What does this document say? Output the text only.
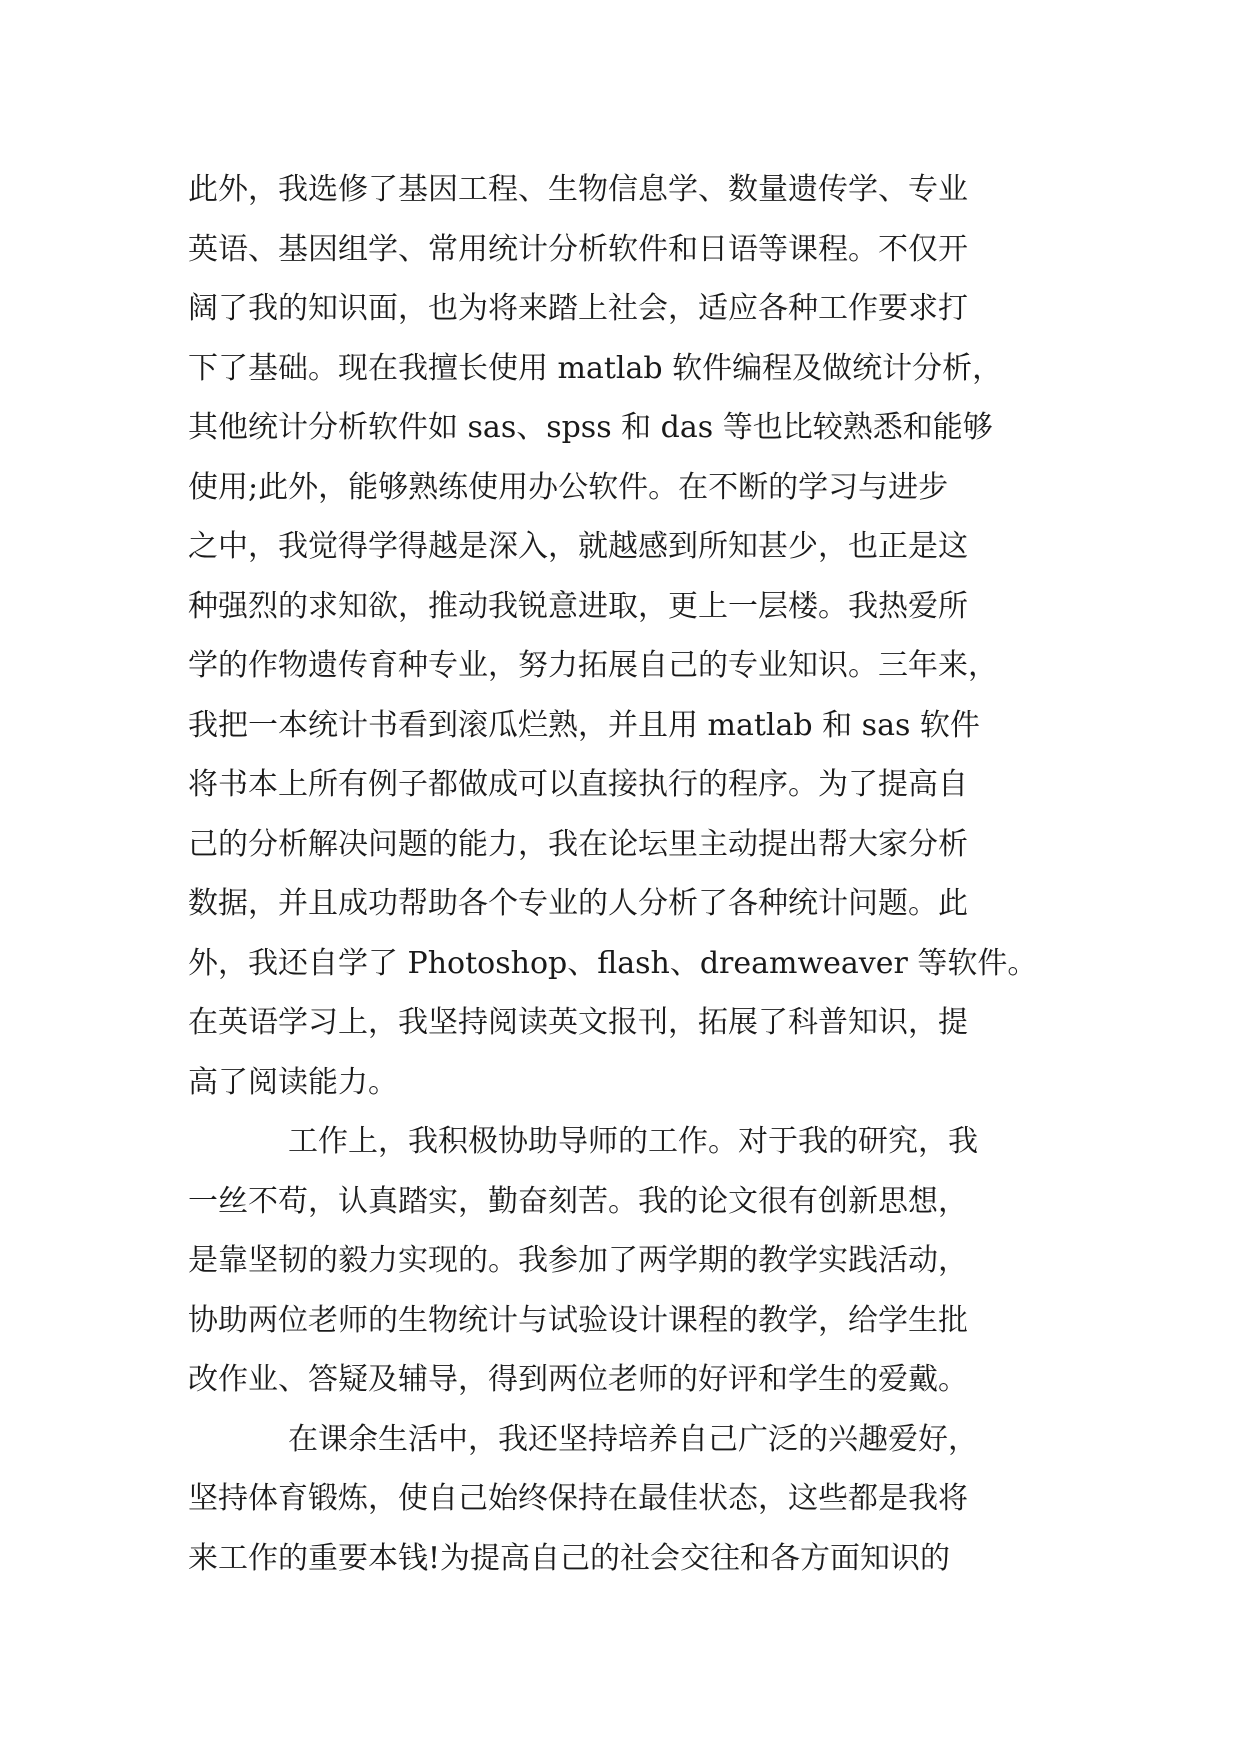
此外，我选修了基因工程、生物信息学、数量遗传学、专业
英语、基因组学、常用统计分析软件和日语等课程。不仅开
阔了我的知识面，也为将来踏上社会，适应各种工作要求打
下了基础。现在我擅长使用 matlab 软件编程及做统计分析，
其他统计分析软件如 sas、spss 和 das 等也比较熟悉和能够
使用;此外，能够熟练使用办公软件。在不断的学习与进步
之中，我觉得学得越是深入，就越感到所知甚少，也正是这
种强烈的求知欲，推动我锐意进取，更上一层楼。我热爱所
学的作物遗传育种专业，努力拓展自己的专业知识。三年来，
我把一本统计书看到滚瓜烂熟，并且用 matlab 和 sas 软件
将书本上所有例子都做成可以直接执行的程序。为了提高自
己的分析解决问题的能力，我在论坛里主动提出帮大家分析
数据，并且成功帮助各个专业的人分析了各种统计问题。此
外，我还自学了 Photoshop、flash、dreamweaver 等软件。
在英语学习上，我坚持阅读英文报刊，拓展了科普知识，提
高了阅读能力。
工作上，我积极协助导师的工作。对于我的研究，我
一丝不苟，认真踏实，勤奋刻苦。我的论文很有创新思想，
是靠坚韧的毅力实现的。我参加了两学期的教学实践活动，
协助两位老师的生物统计与试验设计课程的教学，给学生批
改作业、答疑及辅导，得到两位老师的好评和学生的爱戴。
在课余生活中，我还坚持培养自己广泛的兴趣爱好，
坚持体育锻炼，使自己始终保持在最佳状态，这些都是我将
来工作的重要本钱!为提高自己的社会交往和各方面知识的
